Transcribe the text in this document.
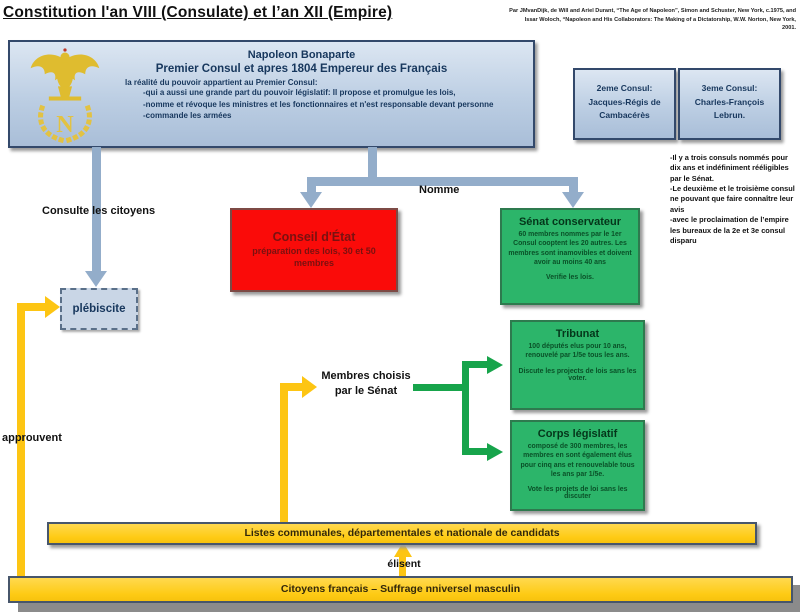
Constitution l'an VIII (Consulate) et l’an XII (Empire)	Par JMvanDijk, de Will and Ariel Durant, “The Age of Napoleon”, Simon and Schuster, New York, c.1975, and
Issar Woloch, “Napoleon and His Collaborators: The Making of a Dictatorship, W.W. Norton, New York,
2001.
N
Napoleon Bonaparte
Premier Consul et apres 1804 Empereur des Français
la réalité du pouvoir appartient au Premier Consul:
-qui a aussi une grande part du pouvoir législatif: Il propose et promulgue les lois,
-nomme et révoque les ministres et les fonctionnaires et n'est responsable devant personne
-commande les armées
2eme Consul:
Jacques-Régis de
Cambacérès
3eme Consul:
Charles-François
Lebrun.
-Il y a trois consuls nommés pour dix ans et indéfiniment rééligibles par le Sénat.
-Le deuxième et le troisième consul ne pouvant que faire connaître leur avis
-avec le proclaimation de l’empire les bureaux de la 2e et 3e consul disparu
Consulte les citoyens
Nomme
Conseil d'État
préparation des lois, 30 et 50 membres
Sénat conservateur
60 membres nommes par le 1er Consul cooptent les 20 autres. Les membres sont inamovibles et doivent avoir au moins 40 ans
Verifie les lois.
Tribunat
100 députés elus pour 10 ans, renouvelé par 1/5e tous les ans.
Discute les projects de lois sans les voter.
Corps législatif
composé de 300 membres, les membres en sont également élus pour cinq ans et renouvelable tous les ans par 1/5e.
Vote les projets de loi sans les discuter
plébiscite
approuvent
Membres choisis
par le Sénat
élisent
Listes communales, départementales et nationale de candidats
Citoyens français – Suffrage nniversel masculin
